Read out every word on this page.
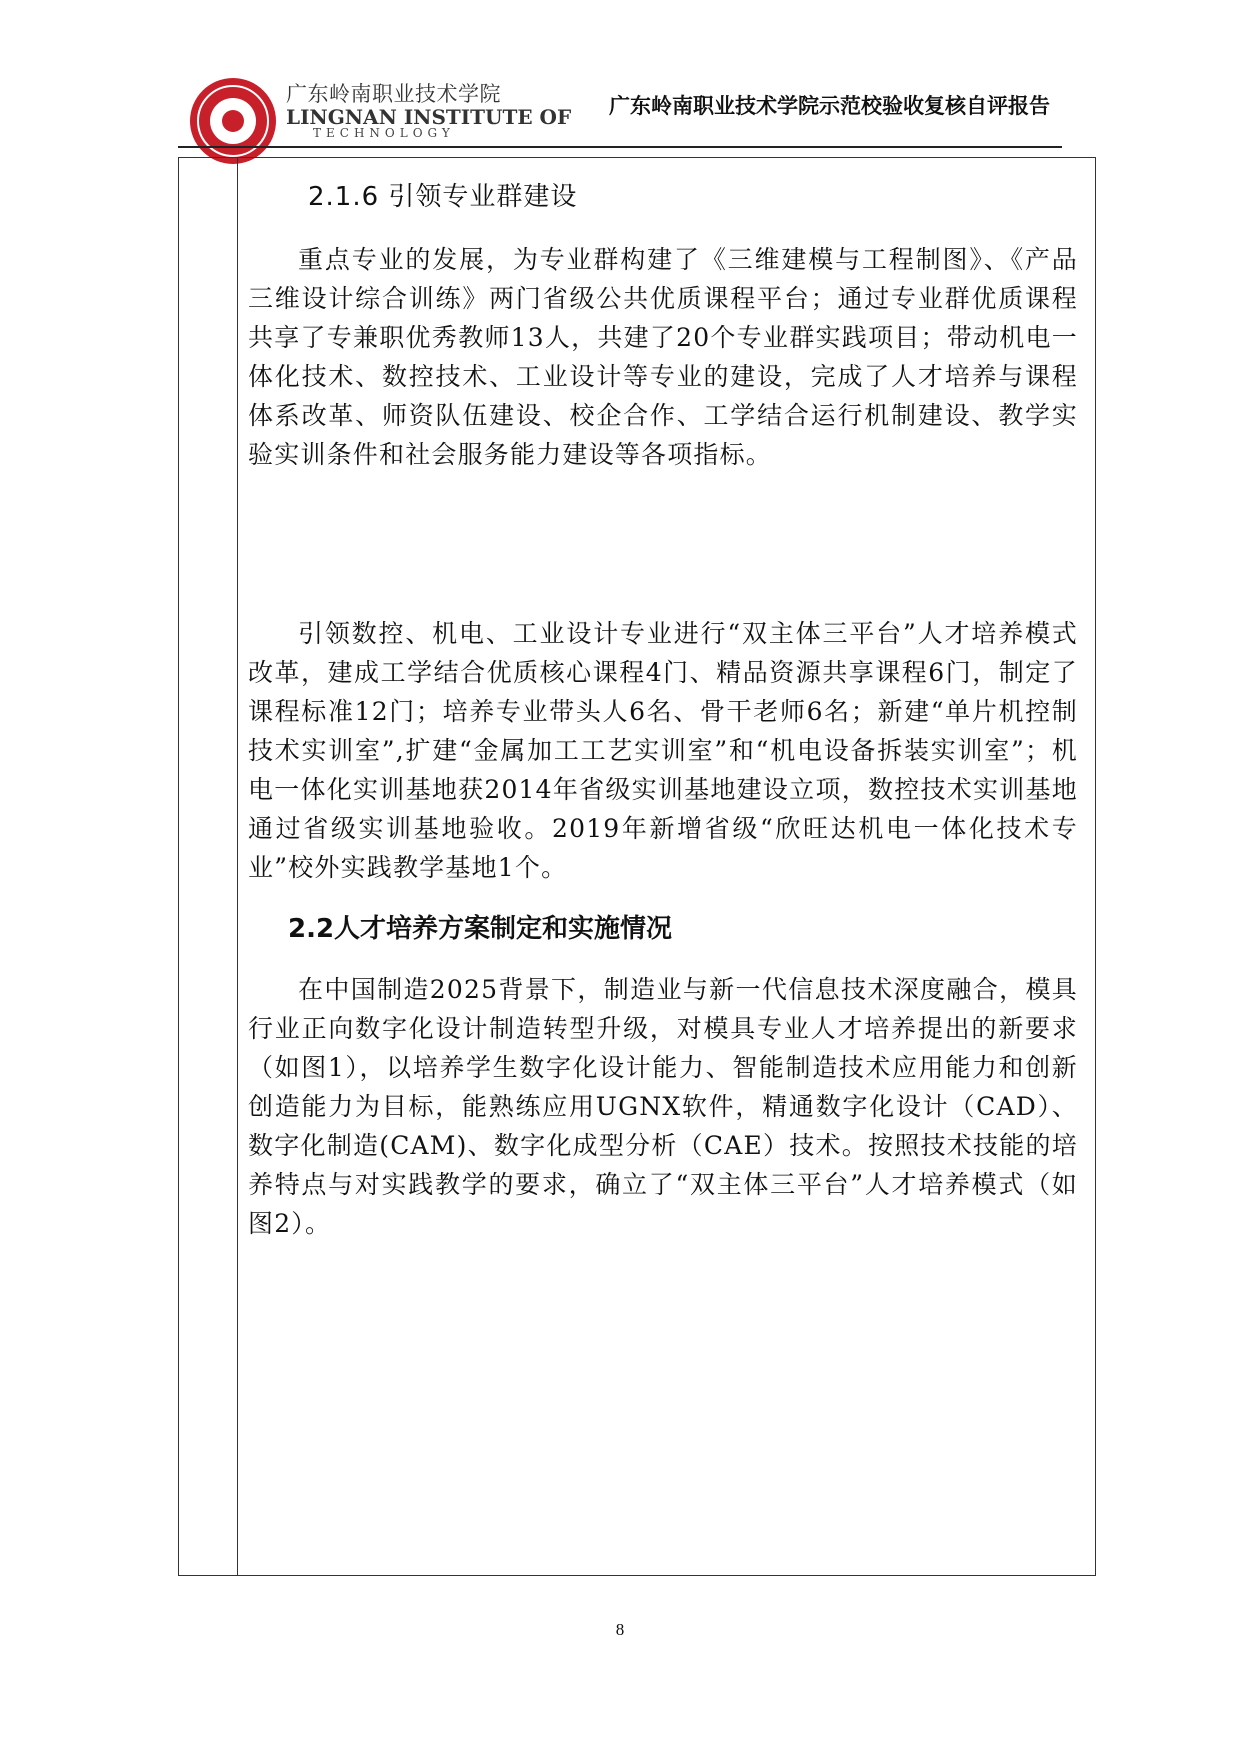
广东岭南职业技术学院
LINGNAN INSTITUTE OF
TECHNOLOGY
广东岭南职业技术学院示范校验收复核自评报告
2.1.6 引领专业群建设

重点专业的发展，为专业群构建了《三维建模与工程制图》、《产品三维设计综合训练》两门省级公共优质课程平台；通过专业群优质课程共享了专兼职优秀教师13人，共建了20个专业群实践项目；带动机电一体化技术、数控技术、工业设计等专业的建设，完成了人才培养与课程体系改革、师资队伍建设、校企合作、工学结合运行机制建设、教学实验实训条件和社会服务能力建设等各项指标。

引领数控、机电、工业设计专业进行“双主体三平台”人才培养模式改革，建成工学结合优质核心课程4门、精品资源共享课程6门，制定了课程标准12门；培养专业带头人6名、骨干老师6名；新建“单片机控制技术实训室”,扩建“金属加工工艺实训室”和“机电设备拆装实训室”；机电一体化实训基地获2014年省级实训基地建设立项，数控技术实训基地通过省级实训基地验收。2019年新增省级“欣旺达机电一体化技术专业”校外实践教学基地1个。

2.2人才培养方案制定和实施情况

在中国制造2025背景下，制造业与新一代信息技术深度融合，模具行业正向数字化设计制造转型升级，对模具专业人才培养提出的新要求（如图1），以培养学生数字化设计能力、智能制造技术应用能力和创新创造能力为目标，能熟练应用UGNX软件，精通数字化设计（CAD）、数字化制造(CAM)、数字化成型分析（CAE）技术。按照技术技能的培养特点与对实践教学的要求，确立了“双主体三平台”人才培养模式（如图2）。

8
